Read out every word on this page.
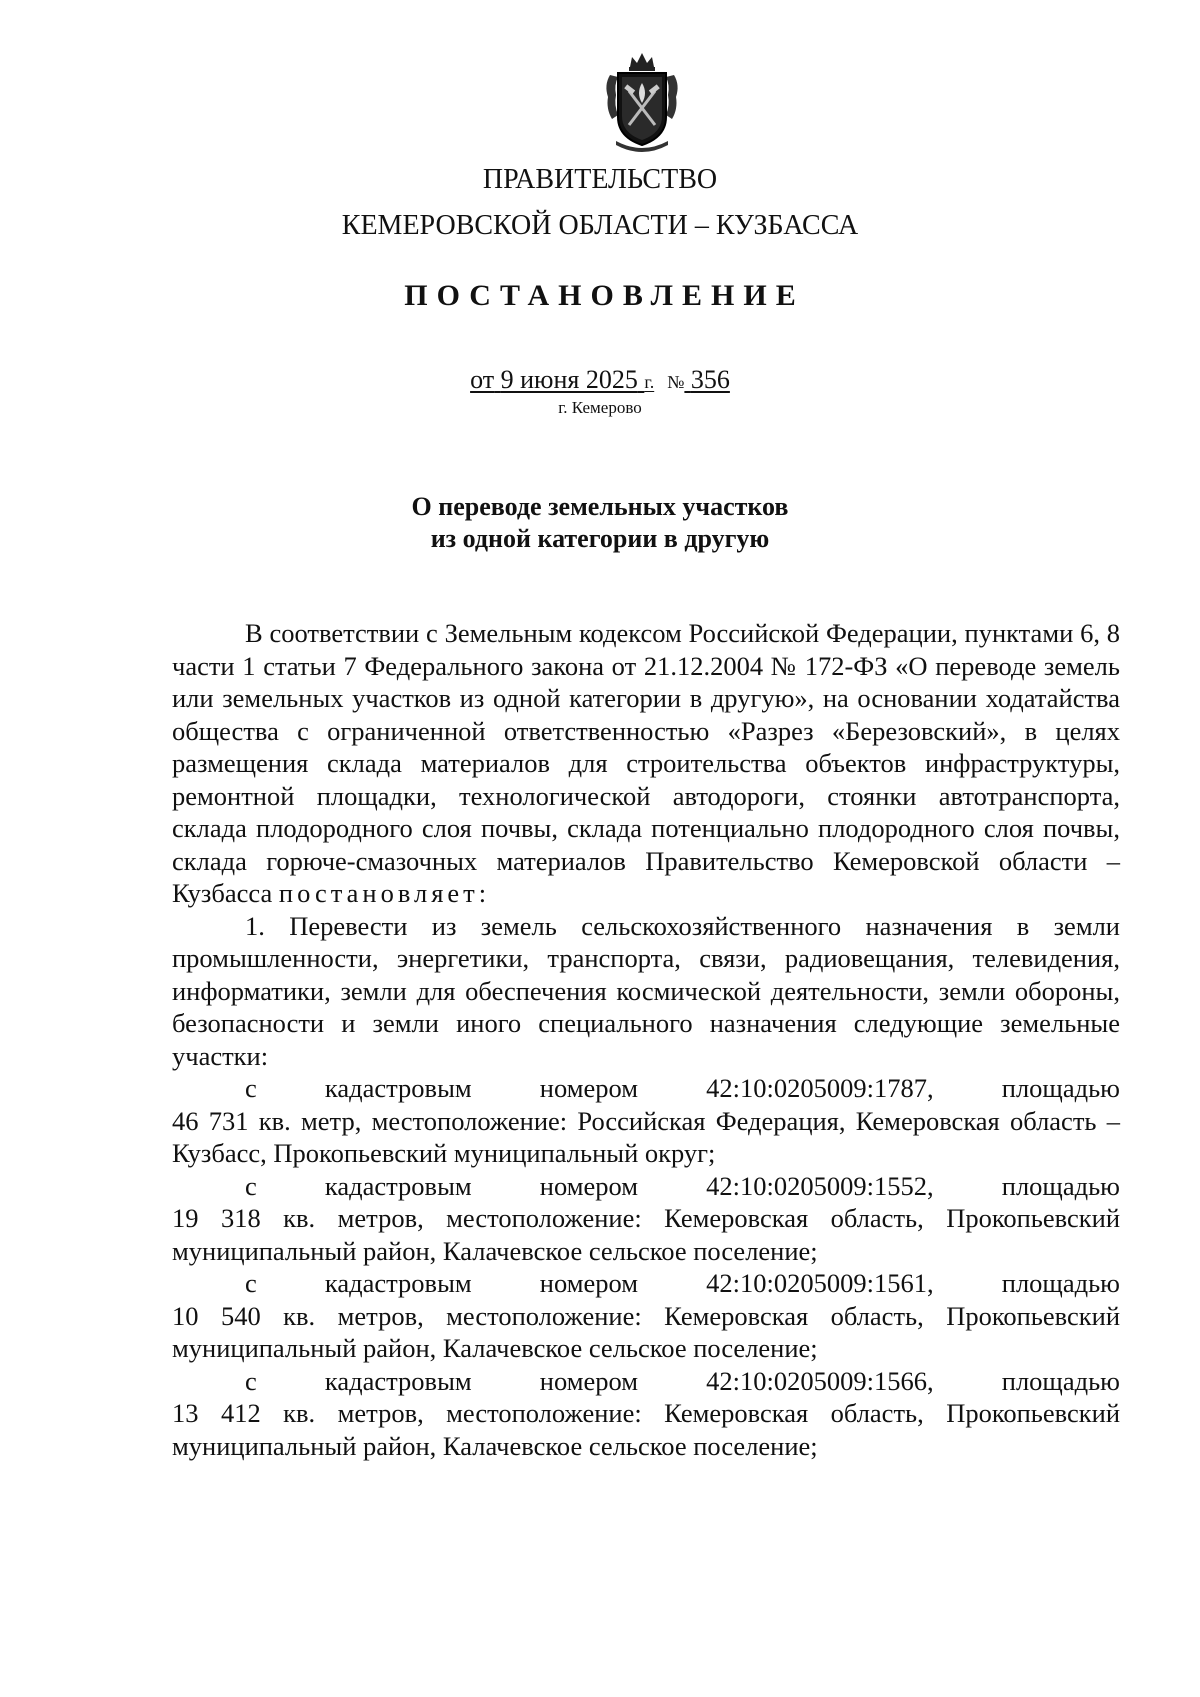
ПРАВИТЕЛЬСТВО
КЕМЕРОВСКОЙ ОБЛАСТИ – КУЗБАССА
ПОСТАНОВЛЕНИЕ
от 9 июня 2025 г. № 356
г. Кемерово
О переводе земельных участков
из одной категории в другую

В соответствии с Земельным кодексом Российской Федерации, пунктами 6, 8 части 1 статьи 7 Федерального закона от 21.12.2004 № 172-ФЗ «О переводе земель или земельных участков из одной категории в другую», на основании ходатайства общества с ограниченной ответственностью «Разрез «Березовский», в целях размещения склада материалов для строительства объектов инфраструктуры, ремонтной площадки, технологической автодороги, стоянки автотранспорта, склада плодородного слоя почвы, склада потенциально плодородного слоя почвы, склада горюче-смазочных материалов Правительство Кемеровской области – Кузбасса постановляет:

1. Перевести из земель сельскохозяйственного назначения в земли промышленности, энергетики, транспорта, связи, радиовещания, телевидения, информатики, земли для обеспечения космической деятельности, земли обороны, безопасности и земли иного специального назначения следующие земельные участки:

с	кадастровым	номером	42:10:0205009:1787,	площадью

46 731 кв. метр, местоположение: Российская Федерация, Кемеровская область – Кузбасс, Прокопьевский муниципальный округ;

с	кадастровым	номером	42:10:0205009:1552,	площадью

19 318 кв. метров, местоположение: Кемеровская область, Прокопьевский муниципальный район, Калачевское сельское поселение;

с	кадастровым	номером	42:10:0205009:1561,	площадью

10 540 кв. метров, местоположение: Кемеровская область, Прокопьевский муниципальный район, Калачевское сельское поселение;

с	кадастровым	номером	42:10:0205009:1566,	площадью

13 412 кв. метров, местоположение: Кемеровская область, Прокопьевский муниципальный район, Калачевское сельское поселение;
